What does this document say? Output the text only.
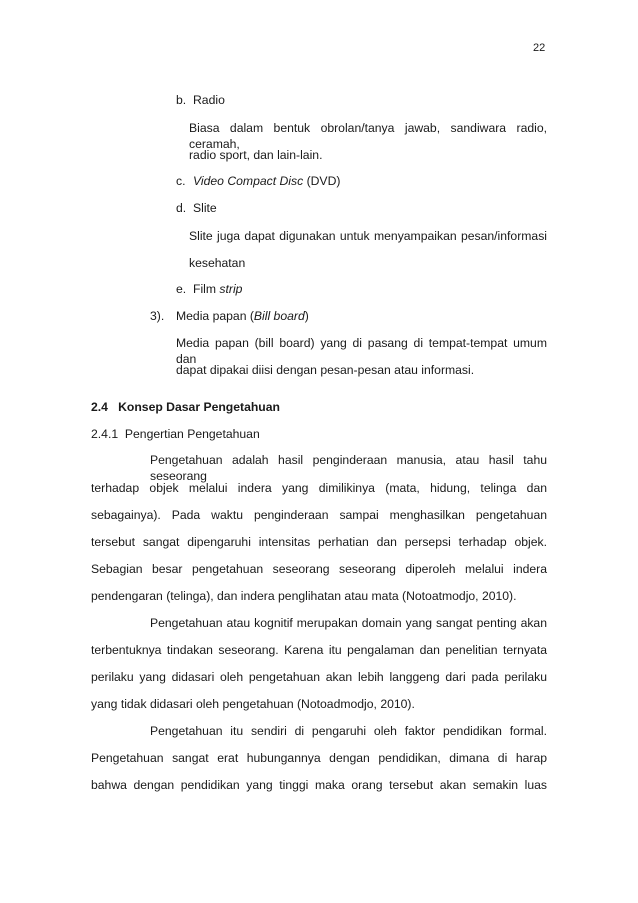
22
b. Radio
Biasa dalam bentuk obrolan/tanya jawab, sandiwara radio, ceramah,
radio sport, dan lain-lain.
c. Video Compact Disc (DVD)
d. Slite
Slite juga dapat digunakan untuk menyampaikan pesan/informasi
kesehatan
e. Film strip
3). Media papan (Bill board)
Media papan (bill board) yang di pasang di tempat-tempat umum dan
dapat dipakai diisi dengan pesan-pesan atau informasi.
2.4   Konsep Dasar Pengetahuan
2.4.1  Pengertian Pengetahuan
Pengetahuan adalah hasil penginderaan manusia, atau hasil tahu seseorang
terhadap objek melalui indera yang dimilikinya (mata, hidung, telinga dan
sebagainya). Pada waktu penginderaan sampai menghasilkan pengetahuan
tersebut sangat dipengaruhi intensitas perhatian dan persepsi terhadap objek.
Sebagian besar pengetahuan seseorang seseorang diperoleh melalui indera
pendengaran (telinga), dan indera penglihatan atau mata (Notoatmodjo, 2010).
Pengetahuan atau kognitif merupakan domain yang sangat penting akan
terbentuknya tindakan seseorang. Karena itu pengalaman dan penelitian ternyata
perilaku yang didasari oleh pengetahuan akan lebih langgeng dari pada perilaku
yang tidak didasari oleh pengetahuan (Notoadmodjo, 2010).
Pengetahuan itu sendiri di pengaruhi oleh faktor pendidikan formal.
Pengetahuan sangat erat hubungannya dengan pendidikan, dimana di harap
bahwa dengan pendidikan yang tinggi maka orang tersebut akan semakin luas
